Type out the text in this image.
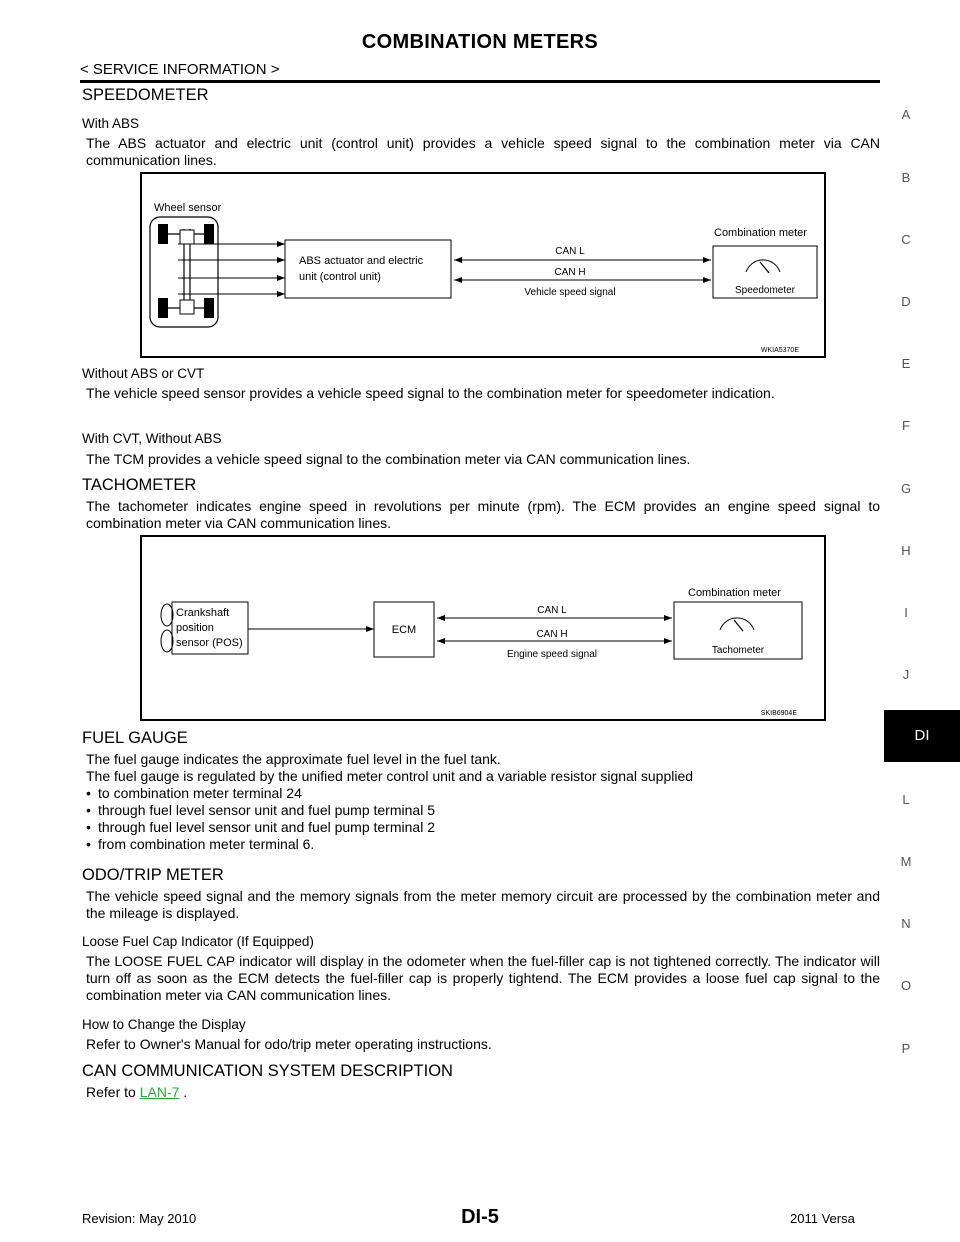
COMBINATION METERS
< SERVICE INFORMATION >
SPEEDOMETER
With ABS
The ABS actuator and electric unit (control unit) provides a vehicle speed signal to the combination meter via CAN communication lines.
Wheel sensor
ABS actuator and electric
unit (control unit)
CAN L
CAN H
Vehicle speed signal
Combination meter
Speedometer
WKIA5370E
Without ABS or CVT
The vehicle speed sensor provides a vehicle speed signal to the combination meter for speedometer indication.
With CVT, Without ABS
The TCM provides a vehicle speed signal to the combination meter via CAN communication lines.
TACHOMETER
The tachometer indicates engine speed in revolutions per minute (rpm). The ECM provides an engine speed signal to combination meter via CAN communication lines.
Crankshaft
position
sensor (POS)
ECM
CAN L
CAN H
Engine speed signal
Combination meter
Tachometer
SKIB6904E
FUEL GAUGE
The fuel gauge indicates the approximate fuel level in the fuel tank.
The fuel gauge is regulated by the unified meter control unit and a variable resistor signal supplied
• to combination meter terminal 24
• through fuel level sensor unit and fuel pump terminal 5
• through fuel level sensor unit and fuel pump terminal 2
• from combination meter terminal 6.
ODO/TRIP METER
The vehicle speed signal and the memory signals from the meter memory circuit are processed by the combination meter and the mileage is displayed.
Loose Fuel Cap Indicator (If Equipped)
The LOOSE FUEL CAP indicator will display in the odometer when the fuel-filler cap is not tightened correctly. The indicator will turn off as soon as the ECM detects the fuel-filler cap is properly tightend. The ECM provides a loose fuel cap signal to the combination meter via CAN communication lines.
How to Change the Display
Refer to Owner's Manual for odo/trip meter operating instructions.
CAN COMMUNICATION SYSTEM DESCRIPTION
Refer to LAN-7 .
A
B
C
D
E
F
G
H
I
J
DI
L
M
N
O
P
DI-5
Revision: May 2010	2011 Versa
